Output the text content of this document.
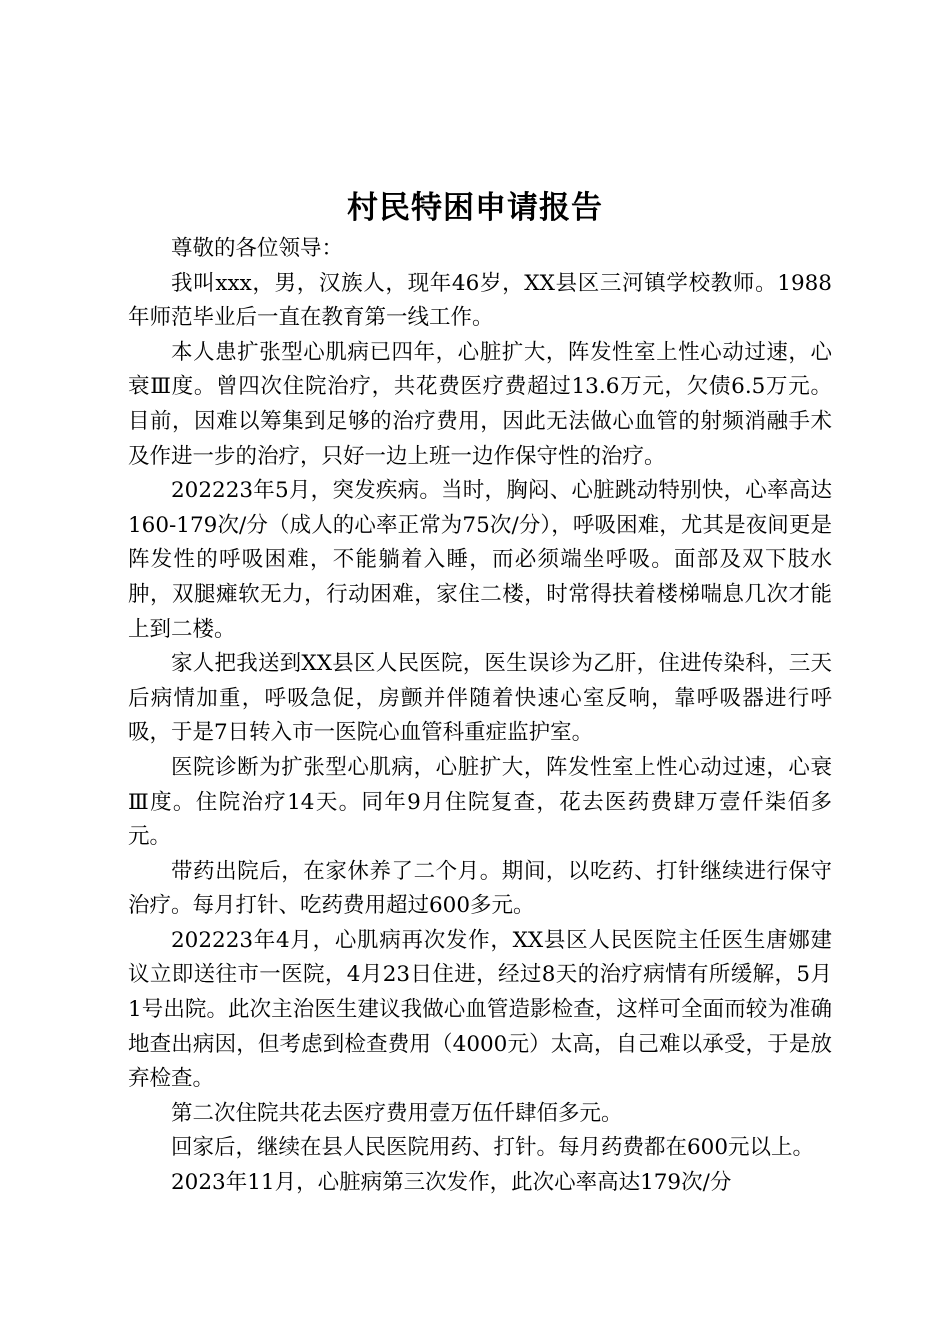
村民特困申请报告

尊敬的各位领导：

我叫xxx，男，汉族人，现年46岁，XX县区三河镇学校教师。1988年师范毕业后一直在教育第一线工作。

本人患扩张型心肌病已四年，心脏扩大，阵发性室上性心动过速，心衰Ⅲ度。曾四次住院治疗，共花费医疗费超过13.6万元，欠债6.5万元。目前，因难以筹集到足够的治疗费用，因此无法做心血管的射频消融手术及作进一步的治疗，只好一边上班一边作保守性的治疗。

202223年5月，突发疾病。当时，胸闷、心脏跳动特别快，心率高达160-179次/分（成人的心率正常为75次/分），呼吸困难，尤其是夜间更是阵发性的呼吸困难，不能躺着入睡，而必须端坐呼吸。面部及双下肢水肿，双腿瘫软无力，行动困难，家住二楼，时常得扶着楼梯喘息几次才能上到二楼。

家人把我送到XX县区人民医院，医生误诊为乙肝，住进传染科，三天后病情加重，呼吸急促，房颤并伴随着快速心室反响，靠呼吸器进行呼吸，于是7日转入市一医院心血管科重症监护室。

医院诊断为扩张型心肌病，心脏扩大，阵发性室上性心动过速，心衰Ⅲ度。住院治疗14天。同年9月住院复查，花去医药费肆万壹仟柒佰多元。

带药出院后，在家休养了二个月。期间，以吃药、打针继续进行保守治疗。每月打针、吃药费用超过600多元。

202223年4月，心肌病再次发作，XX县区人民医院主任医生唐娜建议立即送往市一医院，4月23日住进，经过8天的治疗病情有所缓解，5月1号出院。此次主治医生建议我做心血管造影检查，这样可全面而较为准确地查出病因，但考虑到检查费用（4000元）太高，自己难以承受，于是放弃检查。

第二次住院共花去医疗费用壹万伍仟肆佰多元。

回家后，继续在县人民医院用药、打针。每月药费都在600元以上。

2023年11月，心脏病第三次发作，此次心率高达179次/分
